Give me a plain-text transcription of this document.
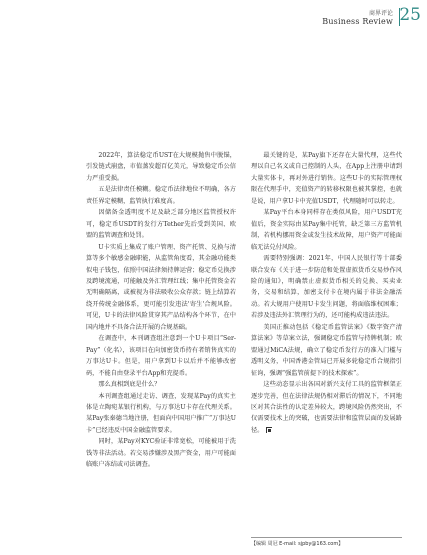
商界评论
Business Review 25

2022年，算法稳定币UST在大规模抛售中脱锚，引发链式崩盘，市值蒸发超百亿美元，导致稳定币公信力严重受损。

五是法律责任模糊。稳定币法律地位不明确，各方责任界定模糊，监管执行难度高。

因储备金透明度不足及缺乏部分地区监管授权许可，稳定币USDT的发行方Tether先后受到美国、欧盟的监管调查和处罚。

U卡实质上集成了账户管理、资产托管、兑换与清算等多个敏感金融职能，从监管角度看，其金融功能类似电子钱包，依照中国法律须持牌运营；稳定币兑换涉及跨境流通，可能触及外汇管理红线；集中托管资金若无明确隔离，或被视为非法吸收公众存款；链上结算若绕开传统金融体系，更可能引发违法'寄生'合规风险。可见，U卡的法律风险贯穿其产品结构各个环节，在中国内地并不具备合法开展的合规基础。

在调查中，本刊调查组注意到一个U卡项目“Ser-Pay”（化名），该项目在向加密货币持有者销售真实的万事达U卡。但是，用户拿到U卡以后并不能够改密码，不能自由登录平台App和充提币。

那么真相到底是什么？

本刊调查组通过走访、调查，发现某Pay的真实主体是立陶宛某银行机构，与万事达U卡存在代理关系。某Pay张秦德当地注册，但面向中国用户推广“万事达U卡”已经违反中国金融监管要求。

同时，某Pay对KYC验证非常宽松，可能被用于洗钱等非法活动。若交易涉嫌涉及黑产资金，用户可能面临账户冻结或司法调查。

最关键的是，某Pay旗下还存在大量代理，这些代理以自己名义或自己控制的人头，在App上注册申请到大量实体卡，再对外进行销售。这些U卡的实际管理权限在代理手中，充值资产的转移权限也被其掌控，也就是说，用户拿U卡中充值USDT，代理随时可以转走。

某Pay平台本身同样存在类似风险，用户USDT充值后，资金实际由某Pay集中托管，缺乏第三方监管机制，若机构挪用资金或发生技术故障，用户资产可能面临无法兑付风险。

需要特别强调：2021年，中国人民银行等十部委联合发布《关于进一步防范和处置虚拟货币交易炒作风险的通知》，明确禁止虚拟货币相关的兑换、买卖业务，交易和结算，加密支付卡在境内属于非法金融活动。若大规用户使用U卡发生问题，将面临维权困难；若涉及违法外汇管理行为的，还可能构成违法违法。

美国正推动包括《稳定币监管法案》《数字资产清算法案》等草案立法，强调稳定币监管与持牌机制；欧盟通过MiCA法规，确立了稳定币发行方的准入门槛与透明义务，中国香港金管局已开展多轮稳定币合规指引征询，强调“强监管前提下的技术探索”。

这些动态显示出各国对新兴支付工具的监管框架正逐步完善，但在法律法规仍相对滞后的情况下，不同地区对其合法性的认定差异较大，跨境风险仍然突出，不仅需要技术上的突破，也需要法律和监管层面的发展路径。

【编辑 周冠 E-mail: sjpby@163.com】
